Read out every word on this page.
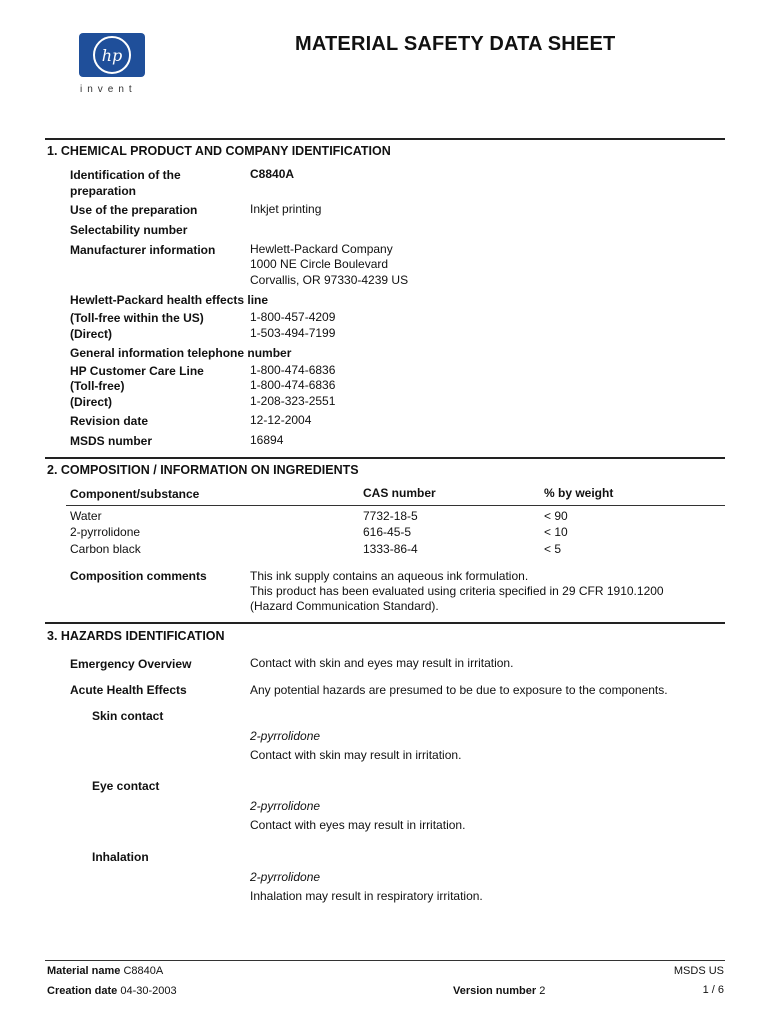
hp
invent
MATERIAL SAFETY DATA SHEET
1. CHEMICAL PRODUCT AND COMPANY IDENTIFICATION
Identification of the
preparation
C8840A
Use of the preparation	Inkjet printing
Selectability number
Manufacturer information	Hewlett-Packard Company
1000 NE Circle Boulevard
Corvallis, OR 97330-4239 US
Hewlett-Packard health effects line
(Toll-free within the US)	1-800-457-4209
(Direct)	1-503-494-7199
General information telephone number
HP Customer Care Line	1-800-474-6836
(Toll-free)	1-800-474-6836
(Direct)	1-208-323-2551
Revision date	12-12-2004
MSDS number	16894
2. COMPOSITION / INFORMATION ON INGREDIENTS
Component/substance	CAS number	% by weight
Water	7732-18-5	< 90
2-pyrrolidone	616-45-5	< 10
Carbon black	1333-86-4	< 5
Composition comments	This ink supply contains an aqueous ink formulation.
This product has been evaluated using criteria specified in 29 CFR 1910.1200
(Hazard Communication Standard).
3. HAZARDS IDENTIFICATION
Emergency Overview	Contact with skin and eyes may result in irritation.
Acute Health Effects	Any potential hazards are presumed to be due to exposure to the components.
Skin contact
2-pyrrolidone
Contact with skin may result in irritation.
Eye contact
2-pyrrolidone
Contact with eyes may result in irritation.
Inhalation
2-pyrrolidone
Inhalation may result in respiratory irritation.
Material name C8840A
Creation date 04-30-2003	Version number 2
MSDS US
1 / 6
